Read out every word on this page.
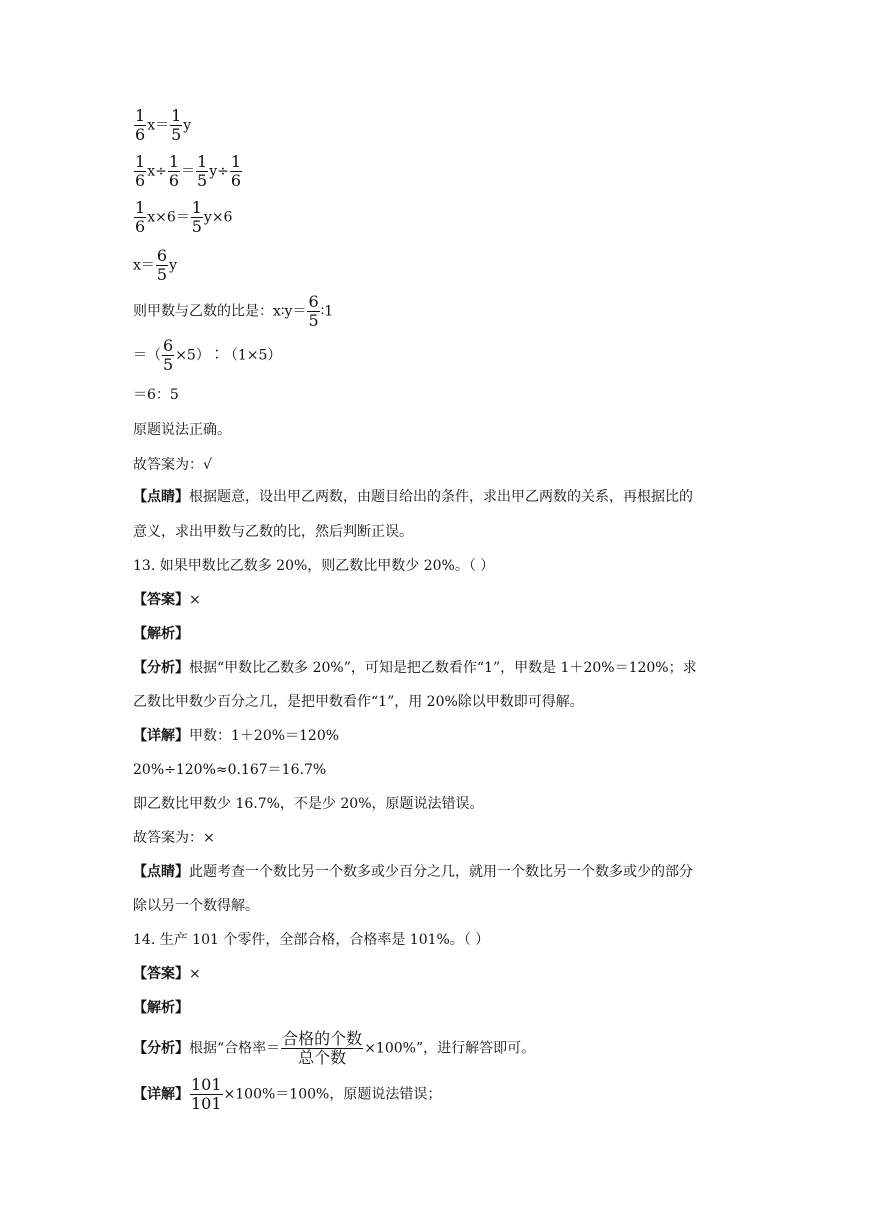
$\frac{1}{6} x= \frac{1}{5}$ y
$\frac{1}{6} x\div \frac{1}{6} = \frac{1}{5} y\div \frac{1}{6}$
$\frac{1}{6} x\times 6= \frac{1}{5} y\times 6$
$x= \frac{6}{5}$ y
则甲数与乙数的比是：x∶y＝ $\frac{6}{5}$ ∶1
＝（ $\frac{6}{5}$ ×5）∶（1×5）
＝6：5
原题说法正确。
故答案为：√
【点睛】根据题意，设出甲乙两数，由题目给出的条件，求出甲乙两数的关系，再根据比的
意义，求出甲数与乙数的比，然后判断正误。
13. 如果甲数比乙数多 20%，则乙数比甲数少 20%。（ ）
【答案】×
【解析】
【分析】根据“甲数比乙数多 20%”，可知是把乙数看作“1”，甲数是 1＋20%＝120%；求
乙数比甲数少百分之几，是把甲数看作“1”，用 20%除以甲数即可得解。
【详解】甲数：1＋20%＝120%
20%÷120%≈0.167＝16.7%
即乙数比甲数少 16.7%，不是少 20%，原题说法错误。
故答案为：×
【点睛】此题考查一个数比另一个数多或少百分之几，就用一个数比另一个数多或少的部分
除以另一个数得解。
14. 生产 101 个零件，全部合格，合格率是 101%。（ ）
【答案】×
【解析】
【分析】根据“合格率＝ $\frac{\text{合格的个数}}{\text{总个数}} \times 100\%$”，进行解答即可。
【详解】 $\frac{101}{101} \times 100\%=100\%$，原题说法错误；
